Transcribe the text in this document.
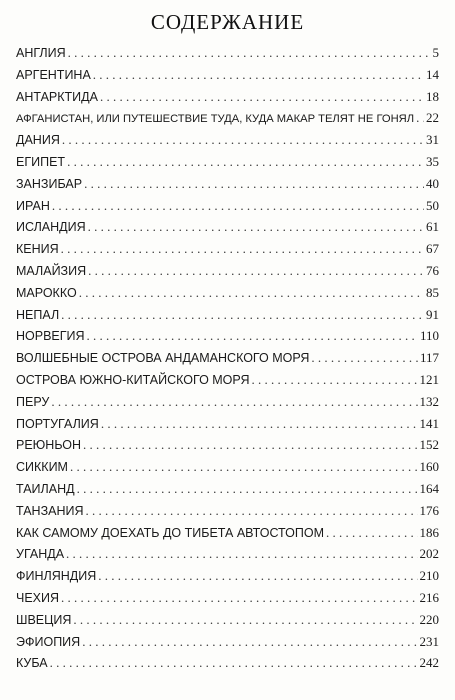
СОДЕРЖАНИЕ
АНГЛИЯ . . .	5
АРГЕНТИНА . . .	14
АНТАРКТИДА . . .	18
АФГАНИСТАН, ИЛИ ПУТЕШЕСТВИЕ ТУДА, КУДА МАКАР ТЕЛЯТ НЕ ГОНЯЛ . . . 22
ДАНИЯ . . .	31
ЕГИПЕТ . . .	35
ЗАНЗИБАР . . .	40
ИРАН . . .	50
ИСЛАНДИЯ . . .	61
КЕНИЯ . . .	67
МАЛАЙЗИЯ . . .	76
МАРОККО . . .	85
НЕПАЛ . . .	91
НОРВЕГИЯ . . .	110
ВОЛШЕБНЫЕ ОСТРОВА АНДАМАНСКОГО МОРЯ . . .	117
ОСТРОВА ЮЖНО-КИТАЙСКОГО МОРЯ . . .	121
ПЕРУ . . .	132
ПОРТУГАЛИЯ . . .	141
РЕЮНЬОН . . .	152
СИККИМ . . .	160
ТАИЛАНД . . .	164
ТАНЗАНИЯ . . .	176
КАК САМОМУ ДОЕХАТЬ ДО ТИБЕТА АВТОСТОПОМ . . .	186
УГАНДА . . .	202
ФИНЛЯНДИЯ . . .	210
ЧЕХИЯ . . .	216
ШВЕЦИЯ . . .	220
ЭФИОПИЯ . . .	231
КУБА . . .	242
